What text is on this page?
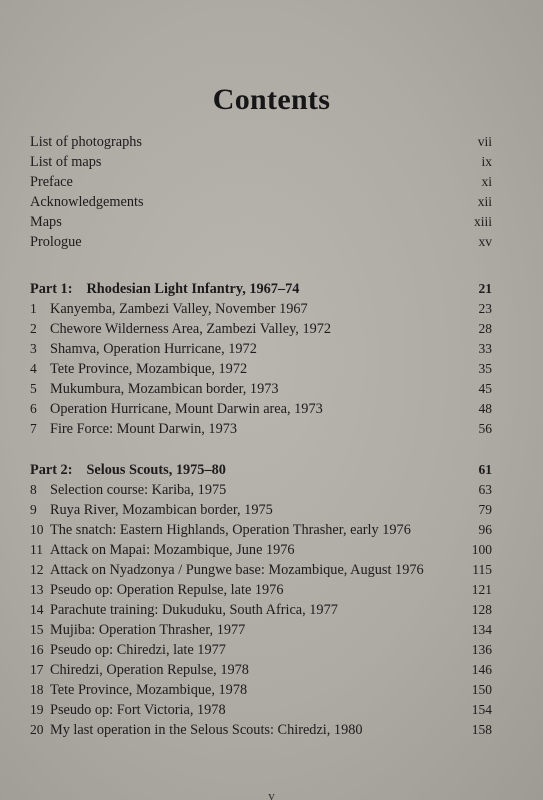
Contents
List of photographs	vii
List of maps	ix
Preface	xi
Acknowledgements	xii
Maps	xiii
Prologue	xv
Part 1: Rhodesian Light Infantry, 1967–74	21
1 Kanyemba, Zambezi Valley, November 1967	23
2 Chewore Wilderness Area, Zambezi Valley, 1972	28
3 Shamva, Operation Hurricane, 1972	33
4 Tete Province, Mozambique, 1972	35
5 Mukumbura, Mozambican border, 1973	45
6 Operation Hurricane, Mount Darwin area, 1973	48
7 Fire Force: Mount Darwin, 1973	56
Part 2: Selous Scouts, 1975–80	61
8 Selection course: Kariba, 1975	63
9 Ruya River, Mozambican border, 1975	79
10 The snatch: Eastern Highlands, Operation Thrasher, early 1976	96
11 Attack on Mapai: Mozambique, June 1976	100
12 Attack on Nyadzonya / Pungwe base: Mozambique, August 1976	115
13 Pseudo op: Operation Repulse, late 1976	121
14 Parachute training: Dukuduku, South Africa, 1977	128
15 Mujiba: Operation Thrasher, 1977	134
16 Pseudo op: Chiredzi, late 1977	136
17 Chiredzi, Operation Repulse, 1978	146
18 Tete Province, Mozambique, 1978	150
19 Pseudo op: Fort Victoria, 1978	154
20 My last operation in the Selous Scouts: Chiredzi, 1980	158
v
